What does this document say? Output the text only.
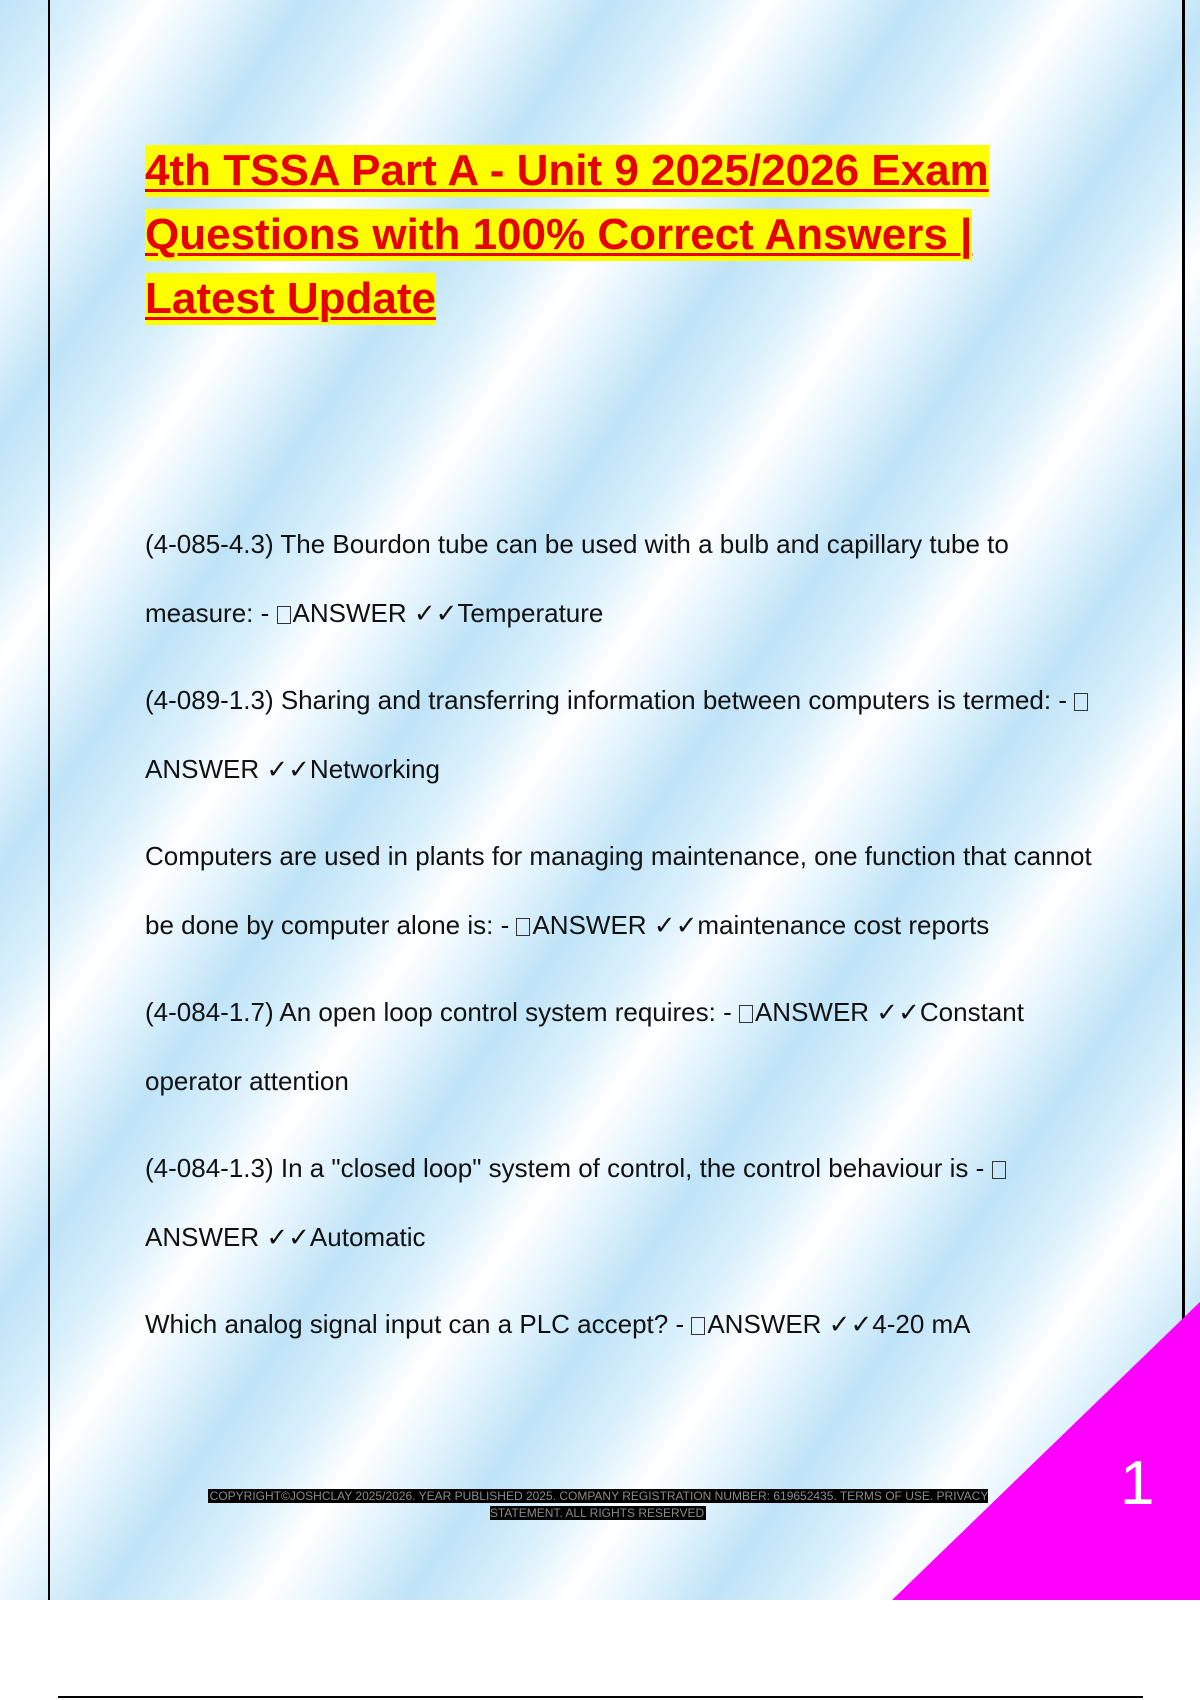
4th TSSA Part A - Unit 9 2025/2026 Exam
Questions with 100% Correct Answers |
Latest Update
(4-085-4.3) The Bourdon tube can be used with a bulb and capillary tube to measure: - ANSWER ✓✓Temperature
(4-089-1.3) Sharing and transferring information between computers is termed: - ANSWER ✓✓Networking
Computers are used in plants for managing maintenance, one function that cannot be done by computer alone is: - ANSWER ✓✓maintenance cost reports
(4-084-1.7) An open loop control system requires: - ANSWER ✓✓Constant operator attention
(4-084-1.3) In a "closed loop" system of control, the control behaviour is - ANSWER ✓✓Automatic
Which analog signal input can a PLC accept? - ANSWER ✓✓4-20 mA
1
COPYRIGHT©JOSHCLAY 2025/2026. YEAR PUBLISHED 2025. COMPANY REGISTRATION NUMBER: 619652435. TERMS OF USE. PRIVACY STATEMENT. ALL RIGHTS RESERVED
